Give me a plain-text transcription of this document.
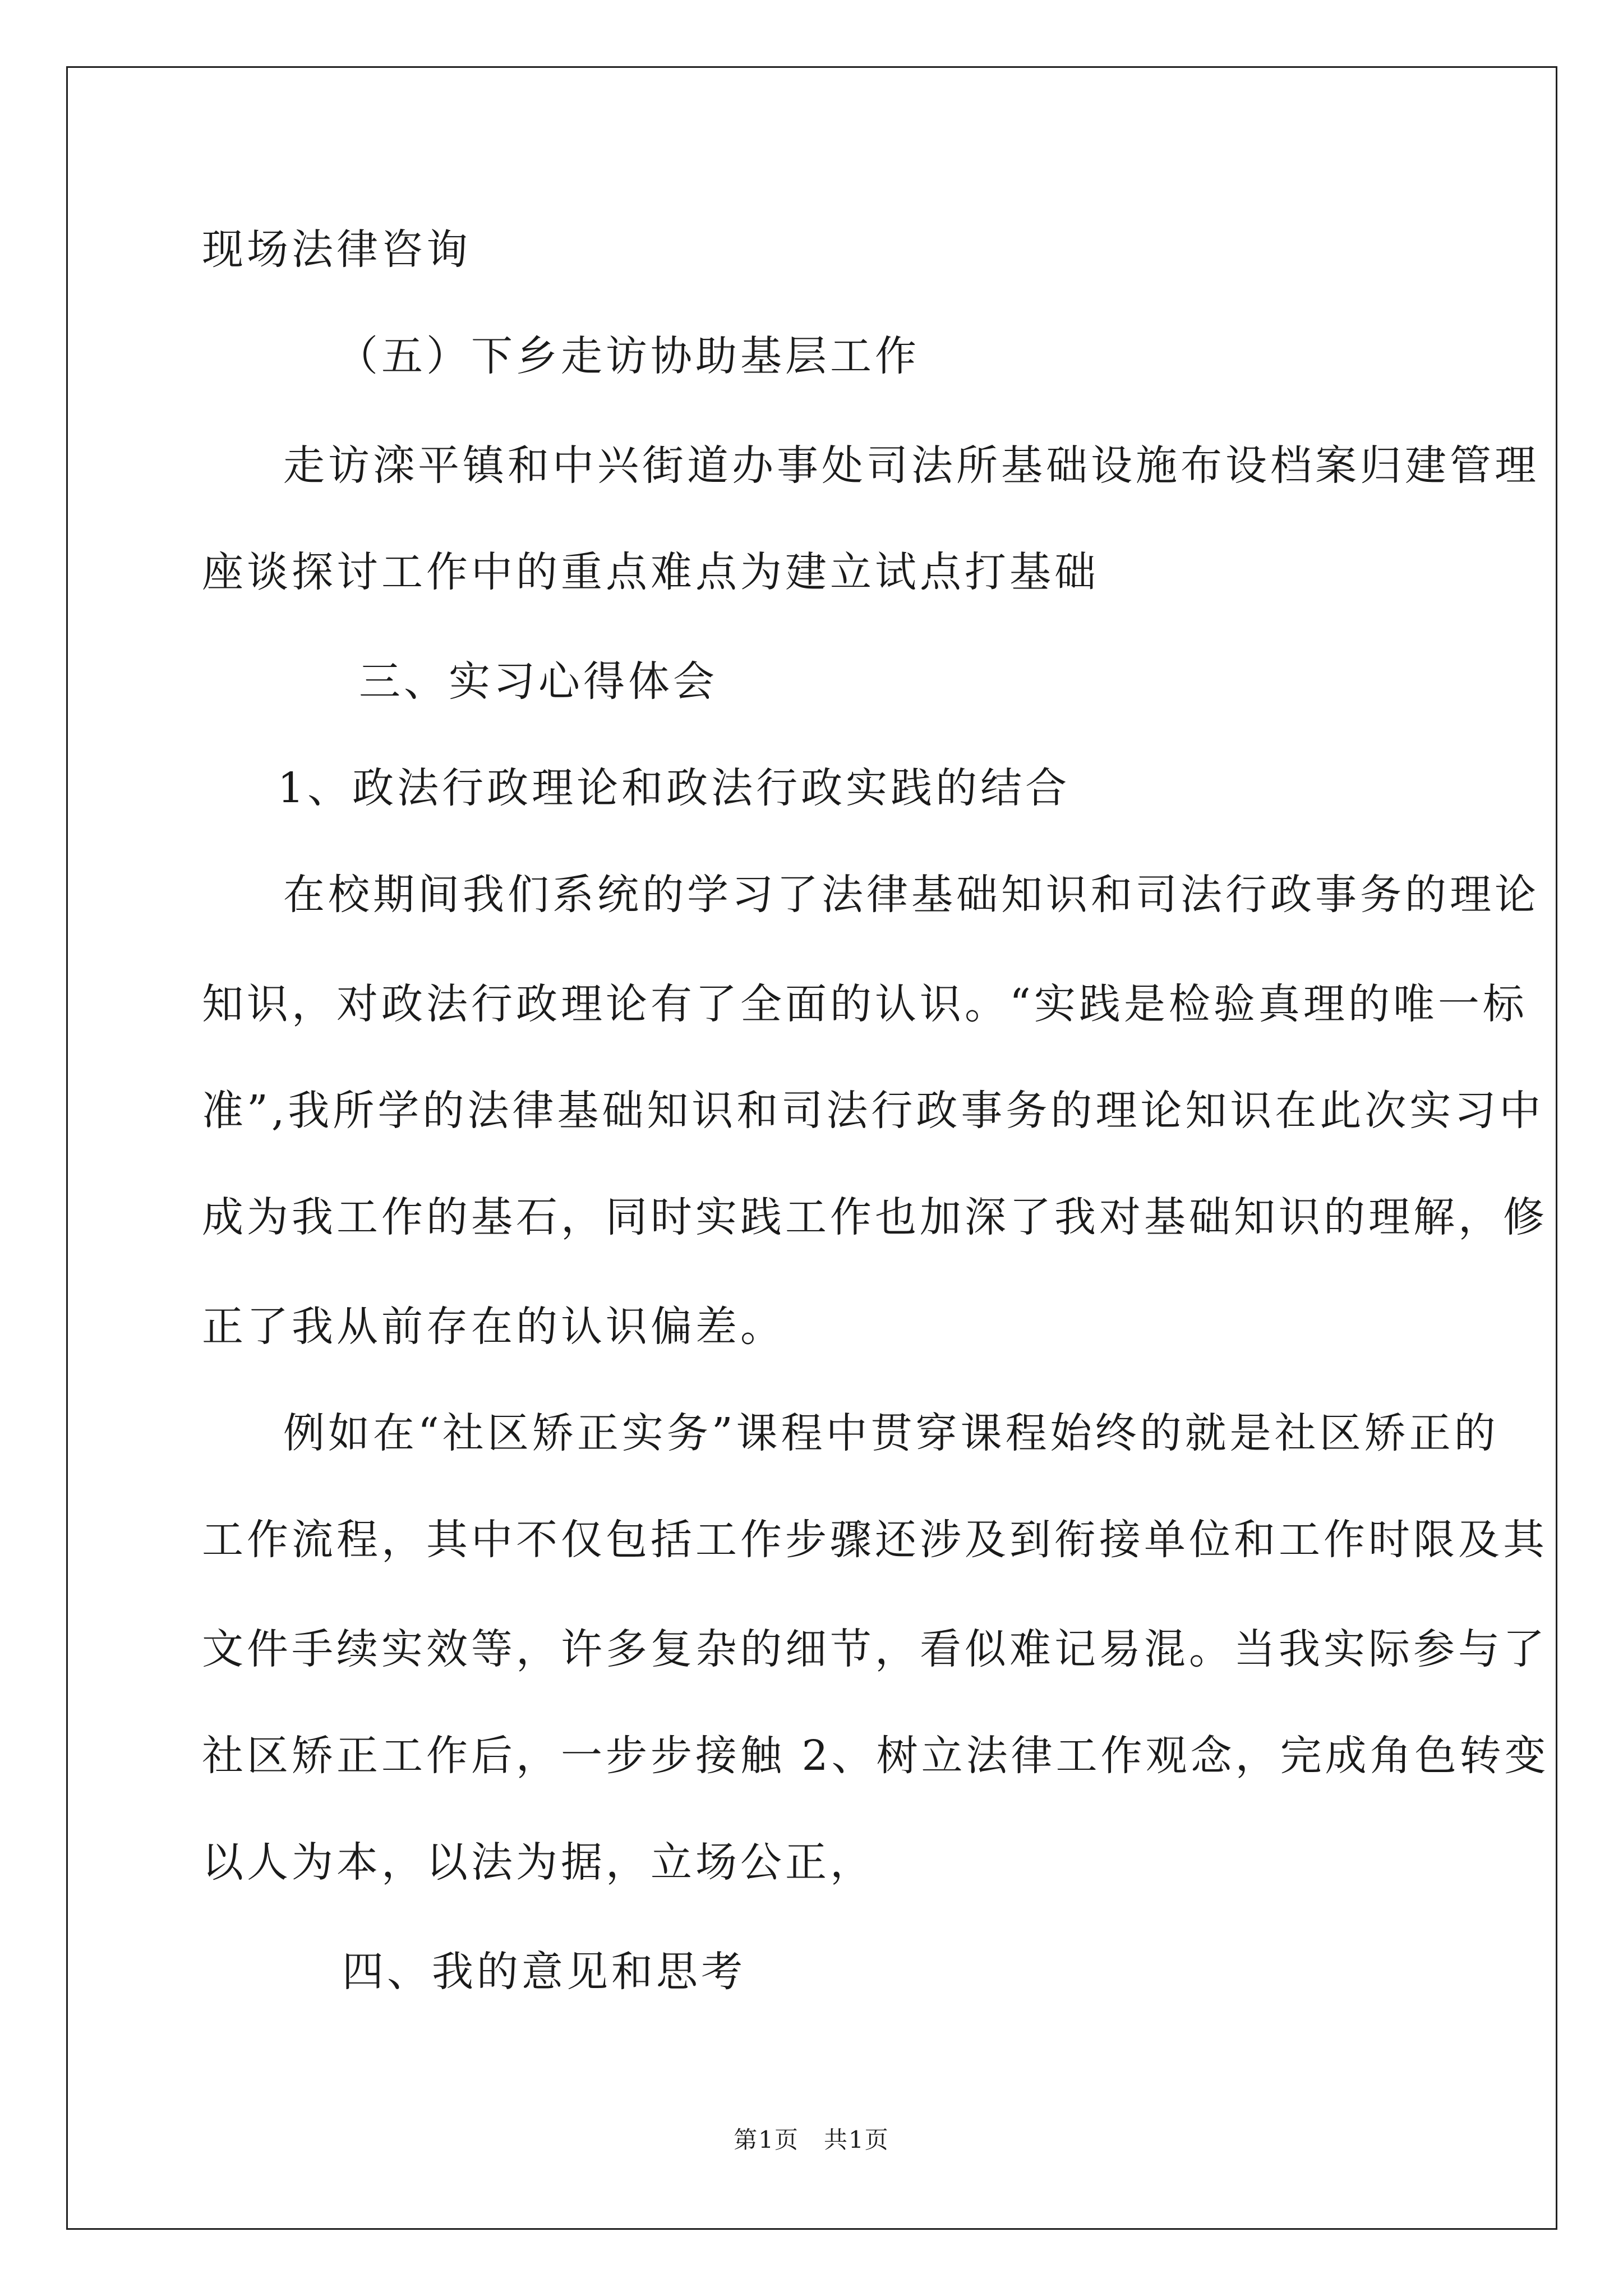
现场法律咨询
（五）下乡走访协助基层工作
走访滦平镇和中兴街道办事处司法所基础设施布设档案归建管理
座谈探讨工作中的重点难点为建立试点打基础
三、实习心得体会
1、政法行政理论和政法行政实践的结合
在校期间我们系统的学习了法律基础知识和司法行政事务的理论
知识，对政法行政理论有了全面的认识。“实践是检验真理的唯一标
准”,我所学的法律基础知识和司法行政事务的理论知识在此次实习中
成为我工作的基石，同时实践工作也加深了我对基础知识的理解，修
正了我从前存在的认识偏差。
例如在“社区矫正实务”课程中贯穿课程始终的就是社区矫正的
工作流程，其中不仅包括工作步骤还涉及到衔接单位和工作时限及其
文件手续实效等，许多复杂的细节，看似难记易混。当我实际参与了
社区矫正工作后，一步步接触 2、树立法律工作观念，完成角色转变
以人为本，以法为据，立场公正，
四、我的意见和思考
第1页　共1页
